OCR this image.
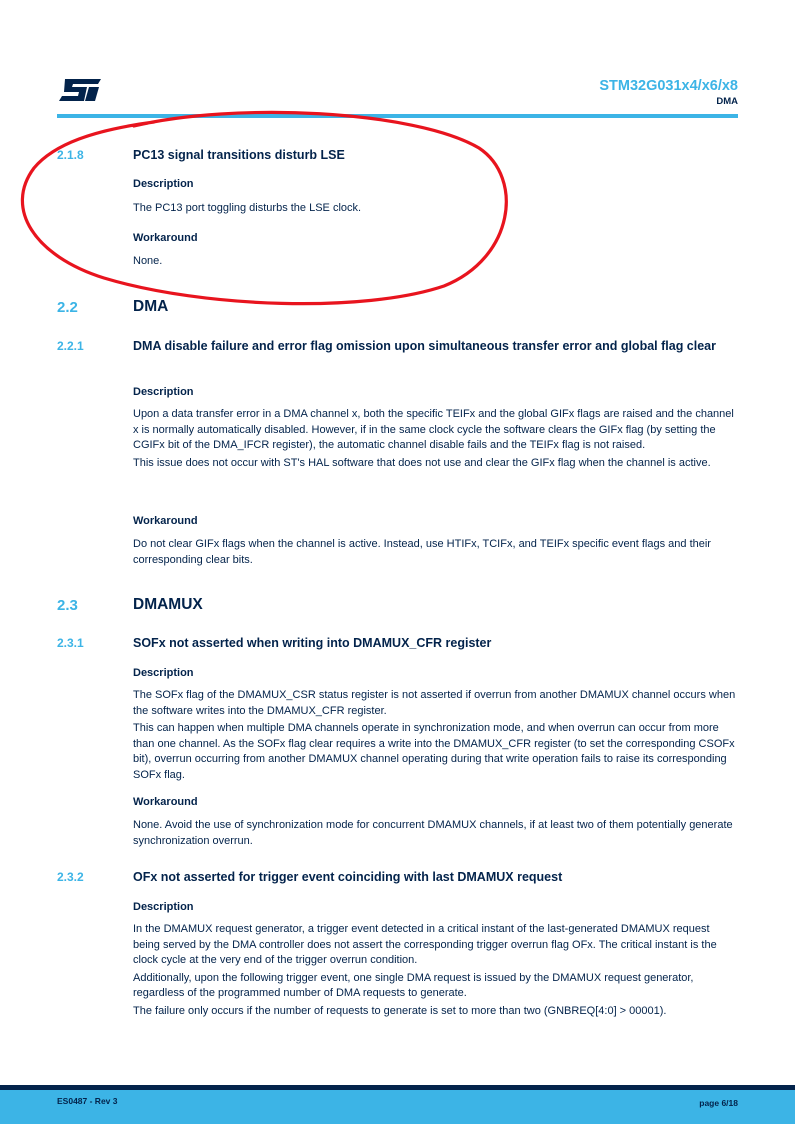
STM32G031x4/x6/x8
DMA
2.1.8	PC13 signal transitions disturb LSE
Description

The PC13 port toggling disturbs the LSE clock.

Workaround

None.

2.2	DMA
2.2.1	DMA disable failure and error flag omission upon simultaneous transfer error and global flag clear
Description

Upon a data transfer error in a DMA channel x, both the specific TEIFx and the global GIFx flags are raised and the channel x is normally automatically disabled. However, if in the same clock cycle the software clears the GIFx flag (by setting the CGIFx bit of the DMA_IFCR register), the automatic channel disable fails and the TEIFx flag is not raised.

This issue does not occur with ST's HAL software that does not use and clear the GIFx flag when the channel is active.

Workaround

Do not clear GIFx flags when the channel is active. Instead, use HTIFx, TCIFx, and TEIFx specific event flags and their corresponding clear bits.

2.3	DMAMUX
2.3.1	SOFx not asserted when writing into DMAMUX_CFR register
Description

The SOFx flag of the DMAMUX_CSR status register is not asserted if overrun from another DMAMUX channel occurs when the software writes into the DMAMUX_CFR register.

This can happen when multiple DMA channels operate in synchronization mode, and when overrun can occur from more than one channel. As the SOFx flag clear requires a write into the DMAMUX_CFR register (to set the corresponding CSOFx bit), overrun occurring from another DMAMUX channel operating during that write operation fails to raise its corresponding SOFx flag.

Workaround

None. Avoid the use of synchronization mode for concurrent DMAMUX channels, if at least two of them potentially generate synchronization overrun.

2.3.2	OFx not asserted for trigger event coinciding with last DMAMUX request
Description

In the DMAMUX request generator, a trigger event detected in a critical instant of the last-generated DMAMUX request being served by the DMA controller does not assert the corresponding trigger overrun flag OFx. The critical instant is the clock cycle at the very end of the trigger overrun condition.

Additionally, upon the following trigger event, one single DMA request is issued by the DMAMUX request generator, regardless of the programmed number of DMA requests to generate.

The failure only occurs if the number of requests to generate is set to more than two (GNBREQ[4:0] > 00001).

ES0487 - Rev 3	page 6/18
